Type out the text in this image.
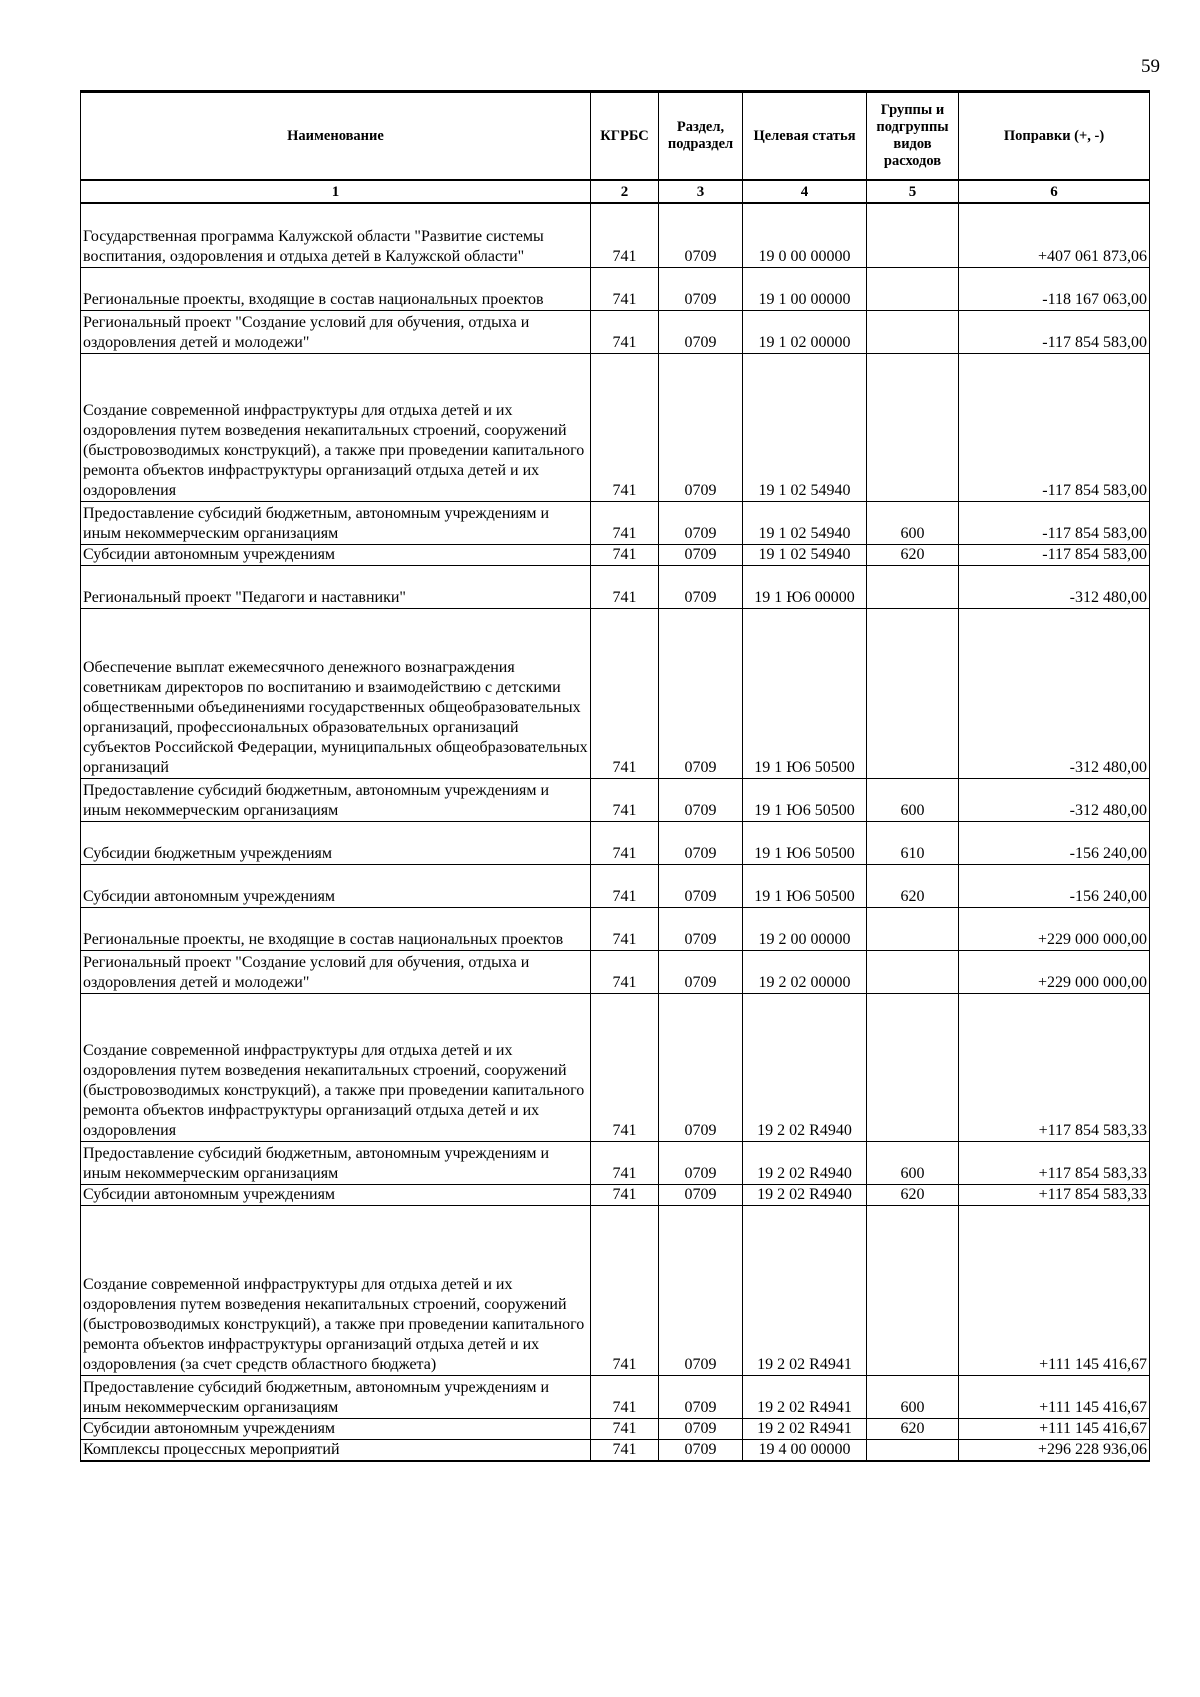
59
Наименование	КГРБС	Раздел, подраздел	Целевая статья	Группы и подгруппы видов расходов	Поправки (+, -)
1	2	3	4	5	6
Государственная программа Калужской области "Развитие системы воспитания, оздоровления и отдыха детей в Калужской области"	741	0709	19 0 00 00000		+407 061 873,06
Региональные проекты, входящие в состав национальных проектов	741	0709	19 1 00 00000		-118 167 063,00
Региональный проект "Создание условий для обучения, отдыха и оздоровления детей и молодежи"	741	0709	19 1 02 00000		-117 854 583,00
Создание современной инфраструктуры для отдыха детей и их оздоровления путем возведения некапитальных строений, сооружений (быстровозводимых конструкций), а также при проведении капитального ремонта объектов инфраструктуры организаций отдыха детей и их оздоровления	741	0709	19 1 02 54940		-117 854 583,00
Предоставление субсидий бюджетным, автономным учреждениям и иным некоммерческим организациям	741	0709	19 1 02 54940	600	-117 854 583,00
Субсидии автономным учреждениям	741	0709	19 1 02 54940	620	-117 854 583,00
Региональный проект "Педагоги и наставники"	741	0709	19 1 Ю6 00000		-312 480,00
Обеспечение выплат ежемесячного денежного вознаграждения советникам директоров по воспитанию и взаимодействию с детскими общественными объединениями государственных общеобразовательных организаций, профессиональных образовательных организаций субъектов Российской Федерации, муниципальных общеобразовательных организаций	741	0709	19 1 Ю6 50500		-312 480,00
Предоставление субсидий бюджетным, автономным учреждениям и иным некоммерческим организациям	741	0709	19 1 Ю6 50500	600	-312 480,00
Субсидии бюджетным учреждениям	741	0709	19 1 Ю6 50500	610	-156 240,00
Субсидии автономным учреждениям	741	0709	19 1 Ю6 50500	620	-156 240,00
Региональные проекты, не входящие в состав национальных проектов	741	0709	19 2 00 00000		+229 000 000,00
Региональный проект "Создание условий для обучения, отдыха и оздоровления детей и молодежи"	741	0709	19 2 02 00000		+229 000 000,00
Создание современной инфраструктуры для отдыха детей и их оздоровления путем возведения некапитальных строений, сооружений (быстровозводимых конструкций), а также при проведении капитального ремонта объектов инфраструктуры организаций отдыха детей и их оздоровления	741	0709	19 2 02 R4940		+117 854 583,33
Предоставление субсидий бюджетным, автономным учреждениям и иным некоммерческим организациям	741	0709	19 2 02 R4940	600	+117 854 583,33
Субсидии автономным учреждениям	741	0709	19 2 02 R4940	620	+117 854 583,33
Создание современной инфраструктуры для отдыха детей и их оздоровления путем возведения некапитальных строений, сооружений (быстровозводимых конструкций), а также при проведении капитального ремонта объектов инфраструктуры организаций отдыха детей и их оздоровления (за счет средств областного бюджета)	741	0709	19 2 02 R4941		+111 145 416,67
Предоставление субсидий бюджетным, автономным учреждениям и иным некоммерческим организациям	741	0709	19 2 02 R4941	600	+111 145 416,67
Субсидии автономным учреждениям	741	0709	19 2 02 R4941	620	+111 145 416,67
Комплексы процессных мероприятий	741	0709	19 4 00 00000		+296 228 936,06
